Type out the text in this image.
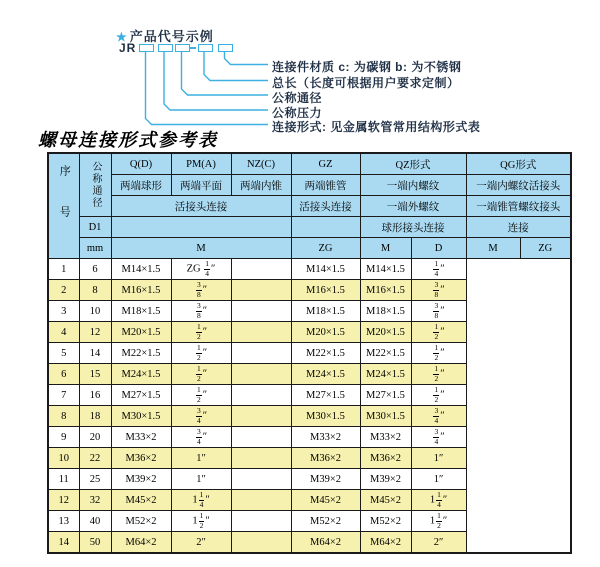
★ 产品代号示例
JR
连接件材质 c: 为碳钢 b: 为不锈钢
总长（长度可根据用户要求定制）
公称通径
公称压力
连接形式: 见金属软管常用结构形式表
螺母连接形式参考表
序号	公称通径	Q(D)	PM(A)	NZ(C)	GZ	QZ形式		QG形式	
		两端球形	两端平面	两端内锥	两端锥管	一端内螺纹		一端内螺纹活接头	
		活接头连接			活接头连接	一端外螺纹		一端锥管螺纹接头	
	D1					球形接头连接		连接	
	mm	M			ZG	M	D	M	ZG
1	6	M14×1.5	ZG $\frac{1}{4}$ ″		M14×1.5	M14×1.5	$\frac{1}{4}$ ″		
2	8	M16×1.5	$\frac{3}{8}$ ″		M16×1.5	M16×1.5	$\frac{3}{8}$ ″		
3	10	M18×1.5	$\frac{3}{8}$ ″		M18×1.5	M18×1.5	$\frac{3}{8}$ ″		
4	12	M20×1.5	$\frac{1}{2}$ ″		M20×1.5	M20×1.5	$\frac{1}{2}$ ″		
5	14	M22×1.5	$\frac{1}{2}$ ″		M22×1.5	M22×1.5	$\frac{1}{2}$ ″		
6	15	M24×1.5	$\frac{1}{2}$ ″		M24×1.5	M24×1.5	$\frac{1}{2}$ ″		
7	16	M27×1.5	$\frac{1}{2}$ ″		M27×1.5	M27×1.5	$\frac{1}{2}$ ″		
8	18	M30×1.5	$\frac{3}{4}$ ″		M30×1.5	M30×1.5	$\frac{3}{4}$ ″		
9	20	M33×2	$\frac{3}{4}$ ″		M33×2	M33×2	$\frac{3}{4}$ ″		
10	22	M36×2	1″		M36×2	M36×2	1″		
11	25	M39×2	1″		M39×2	M39×2	1″		
12	32	M45×2	$1 \frac{1}{4}$ ″		M45×2	M45×2	$1 \frac{1}{4}$ ″		
13	40	M52×2	$1 \frac{1}{2}$ ″		M52×2	M52×2	$1 \frac{1}{2}$ ″		
14	50	M64×2	2″		M64×2	M64×2	2″		
